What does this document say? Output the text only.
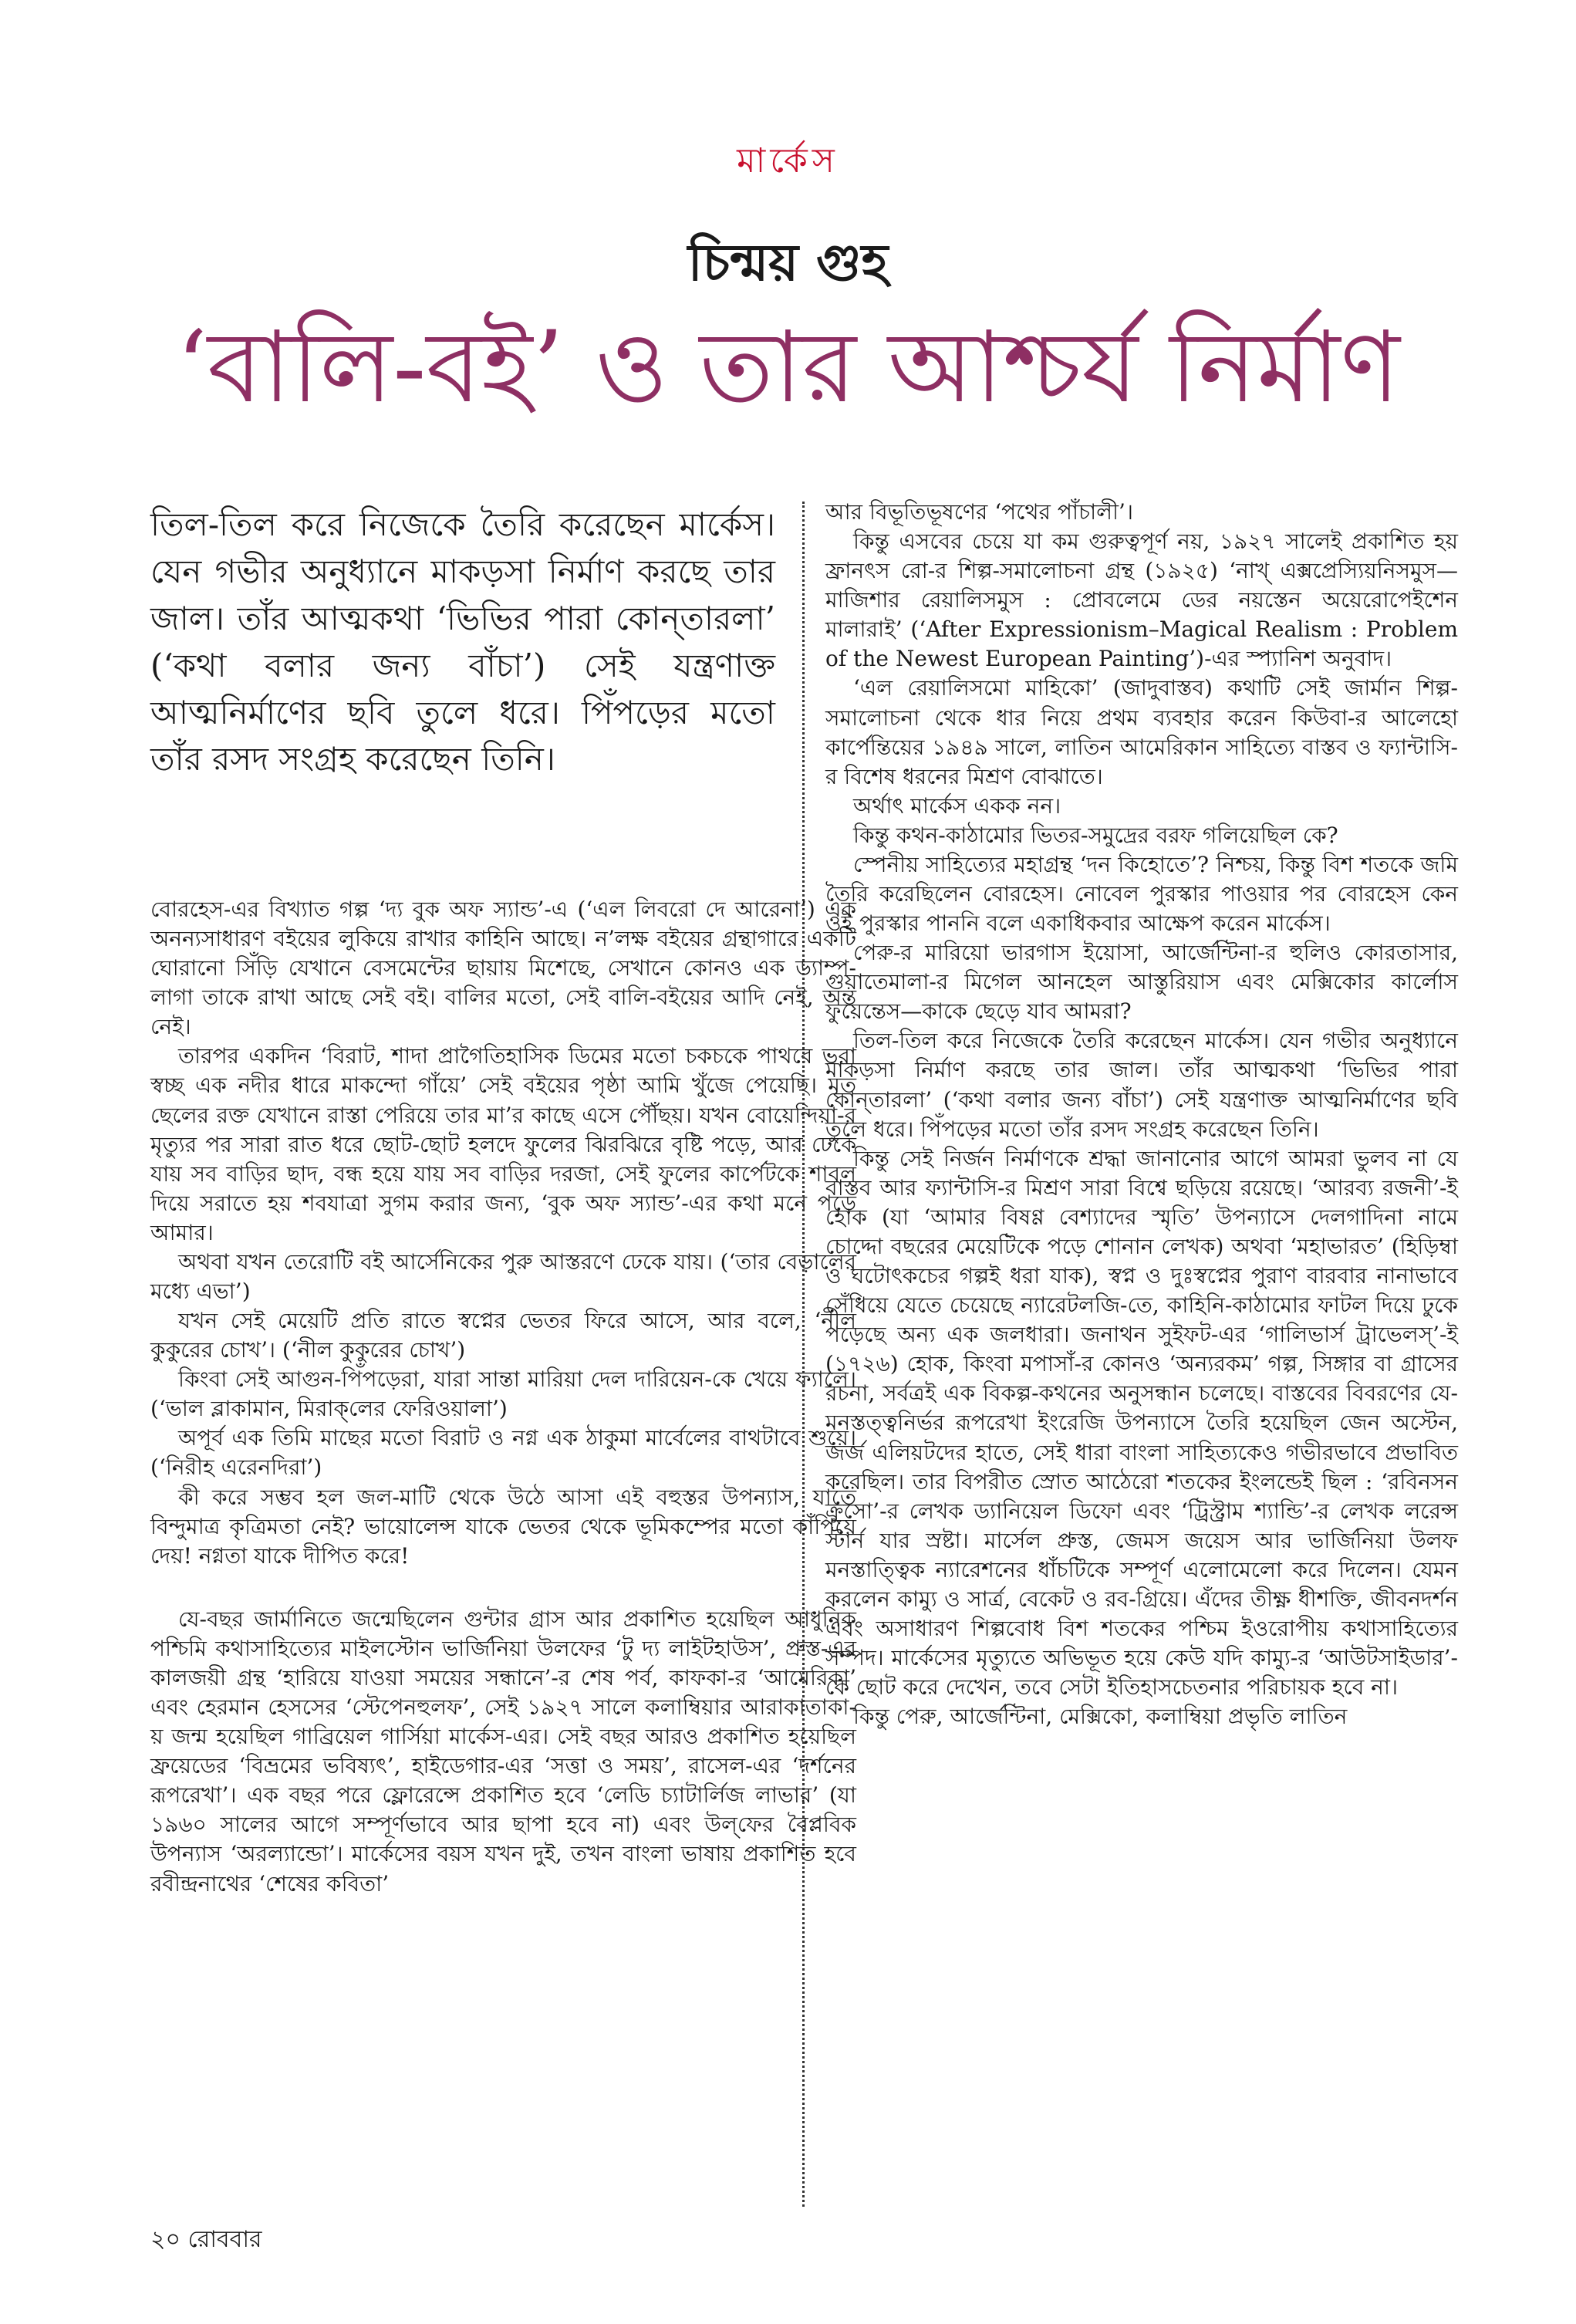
মার্কেস
চিন্ময় গুহ
‘বালি-বই’ ও তার আশ্চর্য নির্মাণ

তিল-তিল করে নিজেকে তৈরি করেছেন মার্কেস। যেন গভীর অনুধ্যানে মাকড়সা নির্মাণ করছে তার জাল। তাঁর আত্মকথা ‘ভিভির পারা কোন্‌তারলা’ (‘কথা বলার জন্য বাঁচা’) সেই যন্ত্রণাক্ত আত্মনির্মাণের ছবি তুলে ধরে। পিঁপড়ের মতো তাঁর রসদ সংগ্রহ করেছেন তিনি।

বোরহেস-এর বিখ্যাত গল্প ‘দ্য বুক অফ স্যান্ড’-এ (‘এল লিবরো দে আরেনা’) এক অনন্যসাধারণ বইয়ের লুকিয়ে রাখার কাহিনি আছে। ন’লক্ষ বইয়ের গ্রন্থাগারে একটি ঘোরানো সিঁড়ি যেখানে বেসমেন্টের ছায়ায় মিশেছে, সেখানে কোনও এক ড্যাম্প-লাগা তাকে রাখা আছে সেই বই। বালির মতো, সেই বালি-বইয়ের আদি নেই, অন্ত নেই।

তারপর একদিন ‘বিরাট, শাদা প্রাগৈতিহাসিক ডিমের মতো চকচকে পাথরে ভরা স্বচ্ছ এক নদীর ধারে মাকন্দো গাঁয়ে’ সেই বইয়ের পৃষ্ঠা আমি খুঁজে পেয়েছি। মৃত ছেলের রক্ত যেখানে রাস্তা পেরিয়ে তার মা’র কাছে এসে পৌঁছয়। যখন বোয়েন্দিয়া-র মৃত্যুর পর সারা রাত ধরে ছোট-ছোট হলদে ফুলের ঝিরঝিরে বৃষ্টি পড়ে, আর ঢেকে যায় সব বাড়ির ছাদ, বন্ধ হয়ে যায় সব বাড়ির দরজা, সেই ফুলের কার্পেটকে শাবল দিয়ে সরাতে হয় শবযাত্রা সুগম করার জন্য, ‘বুক অফ স্যান্ড’-এর কথা মনে পড়ে আমার।

অথবা যখন তেরোটি বই আর্সেনিকের পুরু আস্তরণে ঢেকে যায়। (‘তার বেড়ালের মধ্যে এভা’)

যখন সেই মেয়েটি প্রতি রাতে স্বপ্নের ভেতর ফিরে আসে, আর বলে, ‘নীল কুকুরের চোখ’। (‘নীল কুকুরের চোখ’)

কিংবা সেই আগুন-পিঁপড়েরা, যারা সান্তা মারিয়া দেল দারিয়েন-কে খেয়ে ফ্যালে। (‘ভাল ব্লাকামান, মিরাক্‌লের ফেরিওয়ালা’)

অপূর্ব এক তিমি মাছের মতো বিরাট ও নগ্ন এক ঠাকুমা মার্বেলের বাথটাবে শুয়ে। (‘নিরীহ এরেনদিরা’)

কী করে সম্ভব হল জল-মাটি থেকে উঠে আসা এই বহুস্তর উপন্যাস, যাতে বিন্দুমাত্র কৃত্রিমতা নেই? ভায়োলেন্স যাকে ভেতর থেকে ভূমিকম্পের মতো কাঁপিয়ে দেয়! নগ্নতা যাকে দীপিত করে!

যে-বছর জার্মানিতে জন্মেছিলেন গুন্টার গ্রাস আর প্রকাশিত হয়েছিল আধুনিক পশ্চিমি কথাসাহিত্যের মাইলস্টোন ভার্জিনিয়া উলফের ‘টু দ্য লাইটহাউস’, প্রুস্ত-এর কালজয়ী গ্রন্থ ‘হারিয়ে যাওয়া সময়ের সন্ধানে’-র শেষ পর্ব, কাফকা-র ‘আমেরিকা’ এবং হেরমান হেসসের ‘স্টেপেনহুলফ’, সেই ১৯২৭ সালে কলাম্বিয়ার আরাকাতাকা-য় জন্ম হয়েছিল গাব্রিয়েল গার্সিয়া মার্কেস-এর। সেই বছর আরও প্রকাশিত হয়েছিল ফ্রয়েডের ‘বিভ্রমের ভবিষ্যৎ’, হাইডেগার-এর ‘সত্তা ও সময়’, রাসেল-এর ‘দর্শনের রূপরেখা’। এক বছর পরে ফ্লোরেন্সে প্রকাশিত হবে ‘লেডি চ্যাটার্লিজ লাভার’ (যা ১৯৬০ সালের আগে সম্পূর্ণভাবে আর ছাপা হবে না) এবং উল্‌ফের বৈপ্লবিক উপন্যাস ‘অরল্যান্ডো’। মার্কেসের বয়স যখন দুই, তখন বাংলা ভাষায় প্রকাশিত হবে রবীন্দ্রনাথের ‘শেষের কবিতা’

আর বিভূতিভূষণের ‘পথের পাঁচালী’।

কিন্তু এসবের চেয়ে যা কম গুরুত্বপূর্ণ নয়, ১৯২৭ সালেই প্রকাশিত হয় ফ্রানৎস রো-র শিল্প-সমালোচনা গ্রন্থ (১৯২৫) ‘নাখ্ এক্সপ্রেস্যিয়নিসমুস—মাজিশার রেয়ালিসমুস : প্রোবলেমে ডের নয়স্তেন অয়েরোপেইশেন মালারাই’ (‘After Expressionism–Magical Realism : Problem of the Newest European Painting’)-এর স্প্যানিশ অনুবাদ।

‘এল রেয়ালিসমো মাহিকো’ (জাদুবাস্তব) কথাটি সেই জার্মান শিল্প-সমালোচনা থেকে ধার নিয়ে প্রথম ব্যবহার করেন কিউবা-র আলেহো কার্পেন্তিয়ের ১৯৪৯ সালে, লাতিন আমেরিকান সাহিত্যে বাস্তব ও ফ্যান্টাসি-র বিশেষ ধরনের মিশ্রণ বোঝাতে।

অর্থাৎ মার্কেস একক নন।

কিন্তু কথন-কাঠামোর ভিতর-সমুদ্রের বরফ গলিয়েছিল কে?

স্পেনীয় সাহিত্যের মহাগ্রন্থ ‘দন কিহোতে’? নিশ্চয়, কিন্তু বিশ শতকে জমি তৈরি করেছিলেন বোরহেস। নোবেল পুরস্কার পাওয়ার পর বোরহেস কেন ওই পুরস্কার পাননি বলে একাধিকবার আক্ষেপ করেন মার্কেস।

পেরু-র মারিয়ো ভারগাস ইয়োসা, আর্জেন্টিনা-র হুলিও কোরতাসার, গুয়াতেমালা-র মিগেল আনহেল আস্তুরিয়াস এবং মেক্সিকোর কার্লোস ফুয়েন্তেস—কাকে ছেড়ে যাব আমরা?

তিল-তিল করে নিজেকে তৈরি করেছেন মার্কেস। যেন গভীর অনুধ্যানে মাকড়সা নির্মাণ করছে তার জাল। তাঁর আত্মকথা ‘ভিভির পারা কোন্‌তারলা’ (‘কথা বলার জন্য বাঁচা’) সেই যন্ত্রণাক্ত আত্মনির্মাণের ছবি তুলে ধরে। পিঁপড়ের মতো তাঁর রসদ সংগ্রহ করেছেন তিনি।

কিন্তু সেই নির্জন নির্মাণকে শ্রদ্ধা জানানোর আগে আমরা ভুলব না যে বাস্তব আর ফ্যান্টাসি-র মিশ্রণ সারা বিশ্বে ছড়িয়ে রয়েছে। ‘আরব্য রজনী’-ই হোক (যা ‘আমার বিষণ্ণ বেশ্যাদের স্মৃতি’ উপন্যাসে দেলগাদিনা নামে চোদ্দো বছরের মেয়েটিকে পড়ে শোনান লেখক) অথবা ‘মহাভারত’ (হিড়িম্বা ও ঘটোৎকচের গল্পই ধরা যাক), স্বপ্ন ও দুঃস্বপ্নের পুরাণ বারবার নানাভাবে সেঁধিয়ে যেতে চেয়েছে ন্যারেটলজি-তে, কাহিনি-কাঠামোর ফাটল দিয়ে ঢুকে পড়েছে অন্য এক জলধারা। জনাথন সুইফট-এর ‘গালিভার্স ট্রাভেলস্’-ই (১৭২৬) হোক, কিংবা মপাসাঁ-র কোনও ‘অন্যরকম’ গল্প, সিঙ্গার বা গ্রাসের রচনা, সর্বত্রই এক বিকল্প-কথনের অনুসন্ধান চলেছে। বাস্তবের বিবরণের যে-মনস্তত্ত্বনির্ভর রূপরেখা ইংরেজি উপন্যাসে তৈরি হয়েছিল জেন অস্টেন, জর্জ এলিয়টদের হাতে, সেই ধারা বাংলা সাহিত্যকেও গভীরভাবে প্রভাবিত করেছিল। তার বিপরীত স্রোত আঠেরো শতকের ইংলন্ডেই ছিল : ‘রবিনসন ক্রুসো’-র লেখক ড্যানিয়েল ডিফো এবং ‘ট্রিস্ট্রাম শ্যান্ডি’-র লেখক লরেন্স স্টার্ন যার স্রষ্টা। মার্সেল প্রুস্ত, জেমস জয়েস আর ভার্জিনিয়া উলফ মনস্তাত্ত্বিক ন্যারেশনের ধাঁচটিকে সম্পূর্ণ এলোমেলো করে দিলেন। যেমন করলেন কাম্যু ও সার্ত্র, বেকেট ও রব-গ্রিয়ে। এঁদের তীক্ষ্ণ ধীশক্তি, জীবনদর্শন এবং অসাধারণ শিল্পবোধ বিশ শতকের পশ্চিম ইওরোপীয় কথাসাহিত্যের সম্পদ। মার্কেসের মৃত্যুতে অভিভূত হয়ে কেউ যদি কাম্যু-র ‘আউটসাইডার’-কে ছোট করে দেখেন, তবে সেটা ইতিহাসচেতনার পরিচায়ক হবে না।

কিন্তু পেরু, আর্জেন্টিনা, মেক্সিকো, কলাম্বিয়া প্রভৃতি লাতিন

২০ রোববার
